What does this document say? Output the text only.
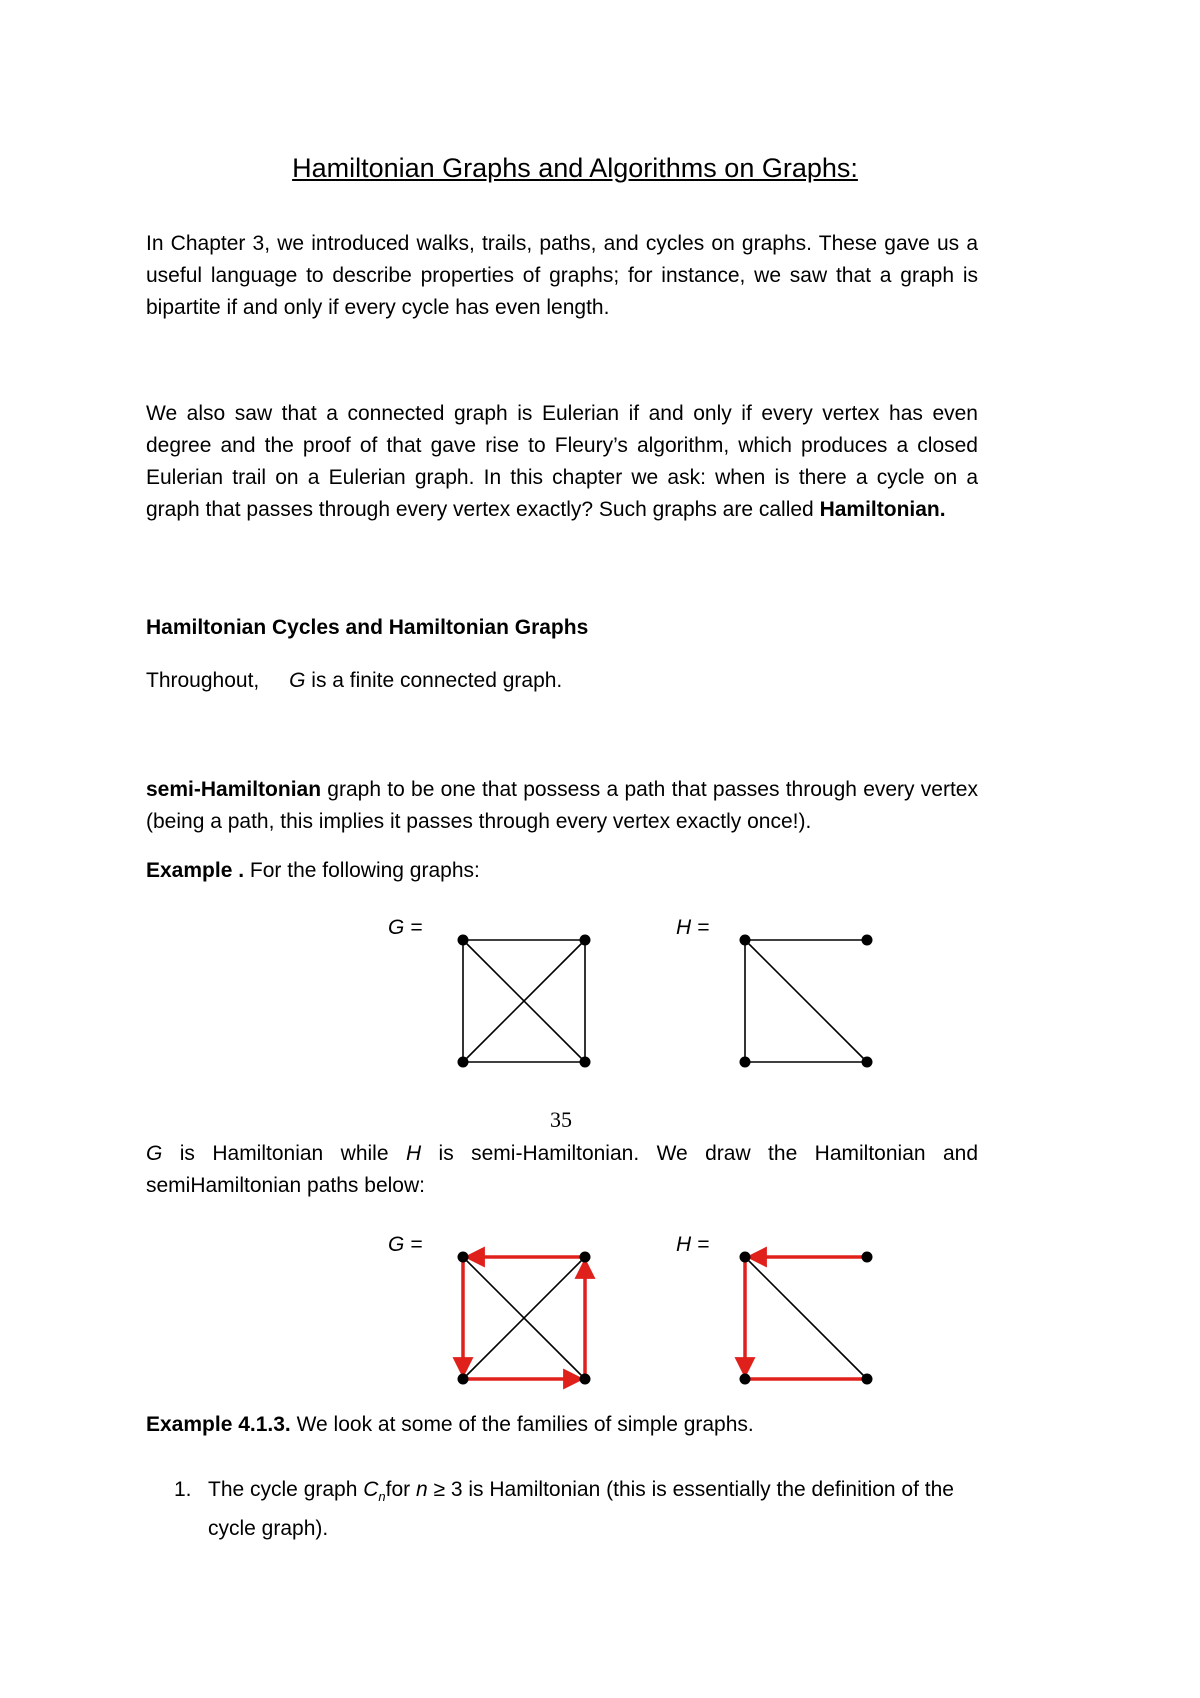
Hamiltonian Graphs and Algorithms on Graphs:

In Chapter 3, we introduced walks, trails, paths, and cycles on graphs. These gave us a useful language to describe properties of graphs; for instance, we saw that a graph is bipartite if and only if every cycle has even length.

We also saw that a connected graph is Eulerian if and only if every vertex has even degree and the proof of that gave rise to Fleury’s algorithm, which produces a closed Eulerian trail on a Eulerian graph. In this chapter we ask: when is there a cycle on a graph that passes through every vertex exactly? Such graphs are called Hamiltonian.

Hamiltonian Cycles and Hamiltonian Graphs
Throughout, G is a finite connected graph.

semi-Hamiltonian graph to be one that possess a path that passes through every vertex (being a path, this implies it passes through every vertex exactly once!).

Example . For the following graphs:
G =	H =
35

G is Hamiltonian while H is semi-Hamiltonian. We draw the Hamiltonian and semiHamiltonian paths below:

G =	H =
Example 4.1.3. We look at some of the families of simple graphs.
1. The cycle graph $C_nfor$ n ≥ 3 is Hamiltonian (this is essentially the definition of the cycle graph).
